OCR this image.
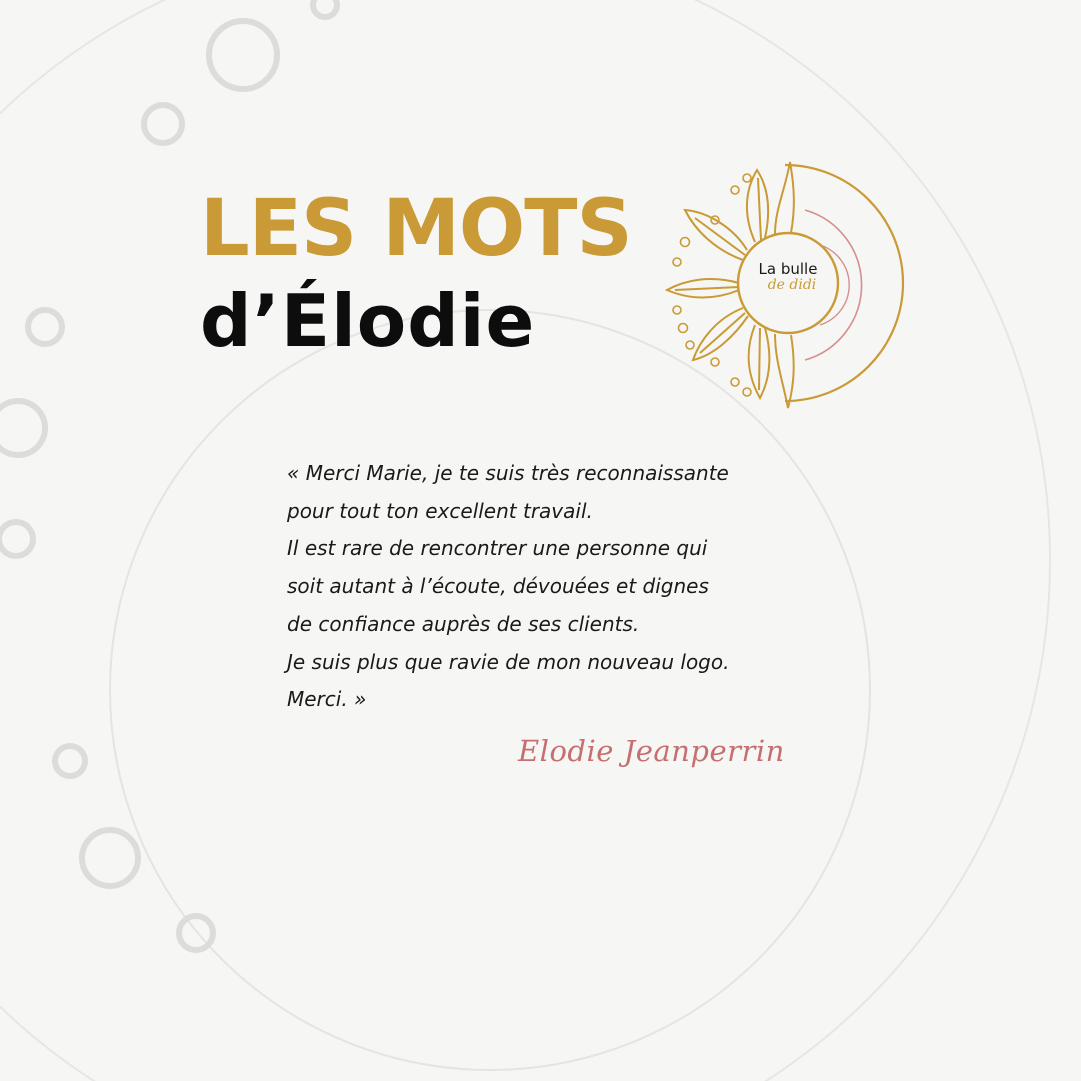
LES MOTS
d’Élodie
La bulle
de didi
« Merci Marie, je te suis très reconnaissante
pour tout ton excellent travail.
Il est rare de rencontrer une personne qui
soit autant à l’écoute, dévouées et dignes
de confiance auprès de ses clients.
Je suis plus que ravie de mon nouveau logo.
Merci. »
Elodie Jeanperrin
